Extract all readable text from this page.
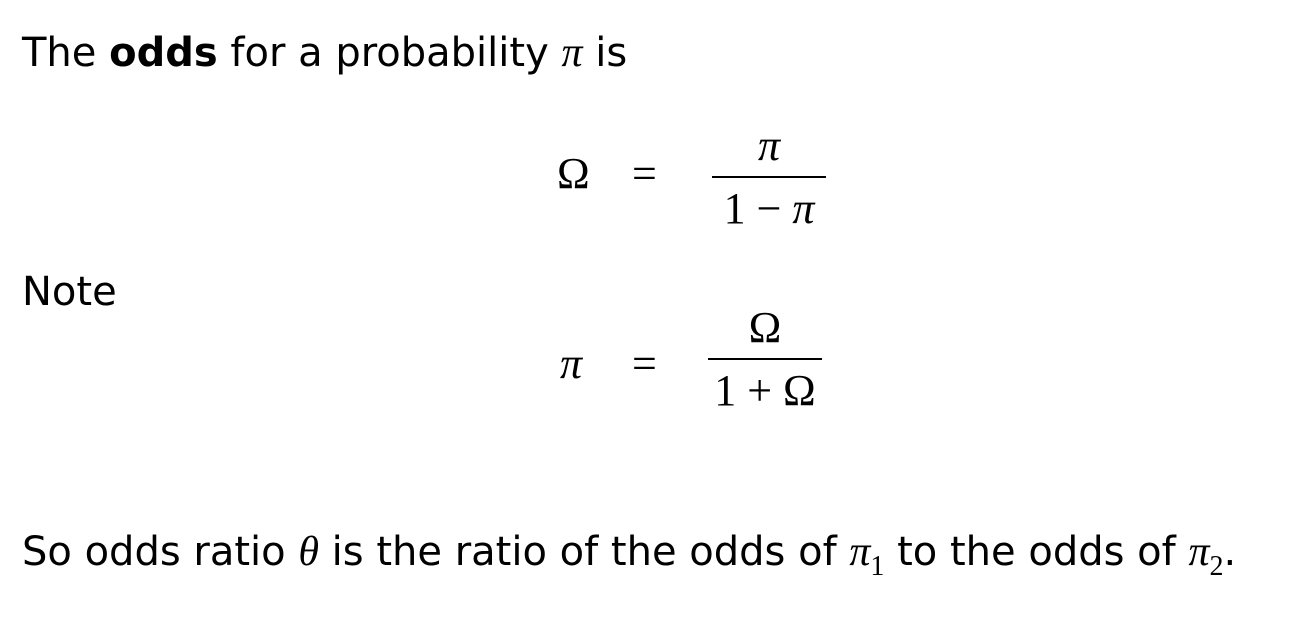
The odds for a probability π is
Ω =
π
1 − π
Note
π =
Ω
1 + Ω
So odds ratio θ is the ratio of the odds of $\pi_1$ to the odds of $\pi_2$.
